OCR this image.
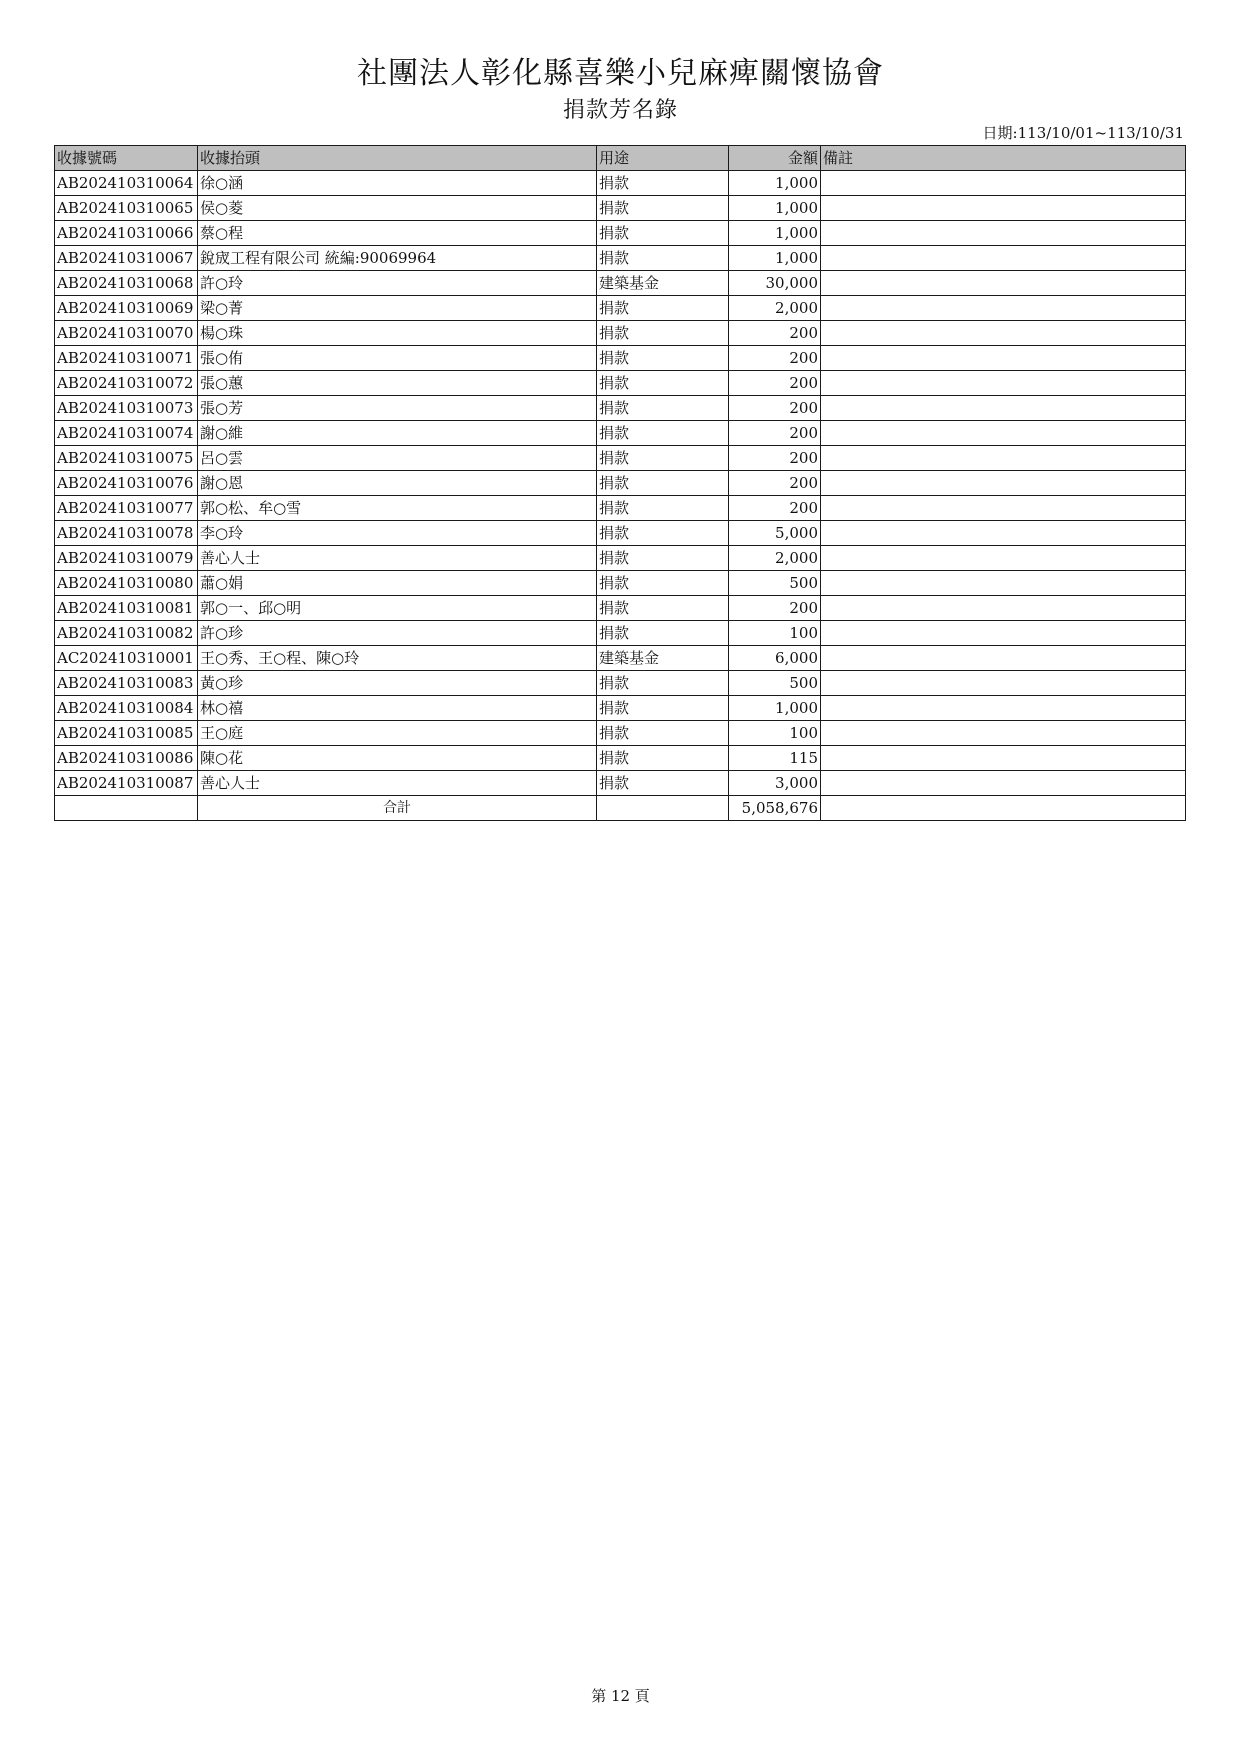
社團法人彰化縣喜樂小兒麻痺關懷協會
捐款芳名錄
日期:113/10/01~113/10/31
收據號碼	收據抬頭	用途	金額	備註
AB202410310064	徐○涵	捐款	1,000	
AB202410310065	侯○菱	捐款	1,000	
AB202410310066	蔡○程	捐款	1,000	
AB202410310067	銳宬工程有限公司 統編:90069964	捐款	1,000	
AB202410310068	許○玲	建築基金	30,000	
AB202410310069	梁○菁	捐款	2,000	
AB202410310070	楊○珠	捐款	200	
AB202410310071	張○侑	捐款	200	
AB202410310072	張○蕙	捐款	200	
AB202410310073	張○芳	捐款	200	
AB202410310074	謝○維	捐款	200	
AB202410310075	呂○雲	捐款	200	
AB202410310076	謝○恩	捐款	200	
AB202410310077	郭○松、牟○雪	捐款	200	
AB202410310078	李○玲	捐款	5,000	
AB202410310079	善心人士	捐款	2,000	
AB202410310080	蕭○娟	捐款	500	
AB202410310081	郭○一、邱○明	捐款	200	
AB202410310082	許○珍	捐款	100	
AC202410310001	王○秀、王○程、陳○玲	建築基金	6,000	
AB202410310083	黃○珍	捐款	500	
AB202410310084	林○禧	捐款	1,000	
AB202410310085	王○庭	捐款	100	
AB202410310086	陳○花	捐款	115	
AB202410310087	善心人士	捐款	3,000	
	合計		5,058,676	
第 12 頁
